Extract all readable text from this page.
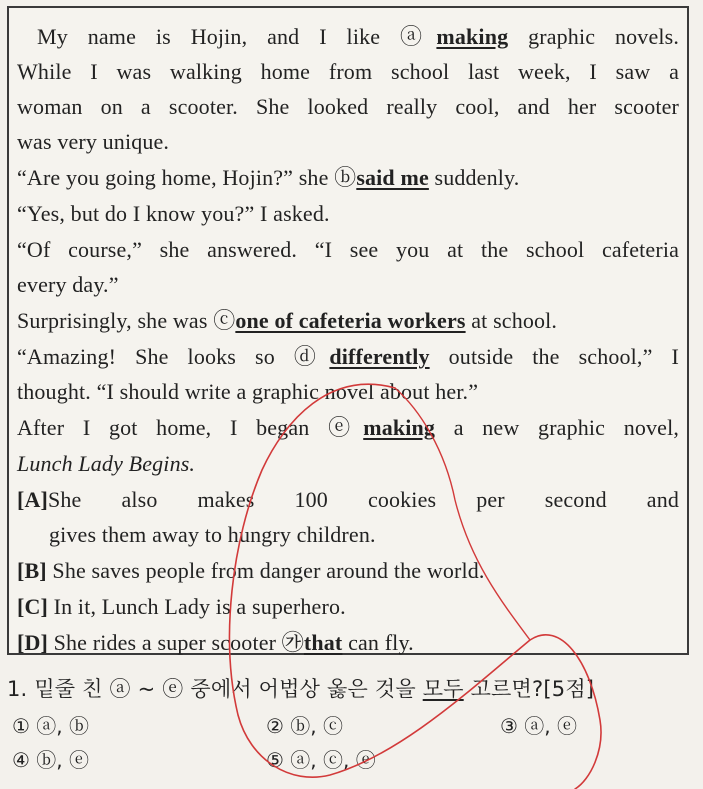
My name is Hojin, and I like ⓐmaking graphic novels.
While I was walking home from school last week, I saw a
woman on a scooter. She looked really cool, and her scooter
was very unique.
“Are you going home, Hojin?” she ⓑsaid me suddenly.
“Yes, but do I know you?” I asked.
“Of course,” she answered. “I see you at the school cafeteria
every day.”
Surprisingly, she was ⓒone of cafeteria workers at school.
“Amazing! She looks so ⓓdifferently outside the school,” I
thought. “I should write a graphic novel about her.”
After I got home, I began ⓔmaking a new graphic novel,
Lunch Lady Begins.
[A]She also makes 100 cookies per second and
gives them away to hungry children.
[B] She saves people from danger around the world.
[C] In it, Lunch Lady is a superhero.
[D] She rides a super scooter ㉮that can fly.
1. 밑줄 친 ⓐ ~ ⓔ 중에서 어법상 옳은 것을 모두 고르면?[5점]
① ⓐ, ⓑ	② ⓑ, ⓒ	③ ⓐ, ⓔ
④ ⓑ, ⓔ	⑤ ⓐ, ⓒ, ⓔ
